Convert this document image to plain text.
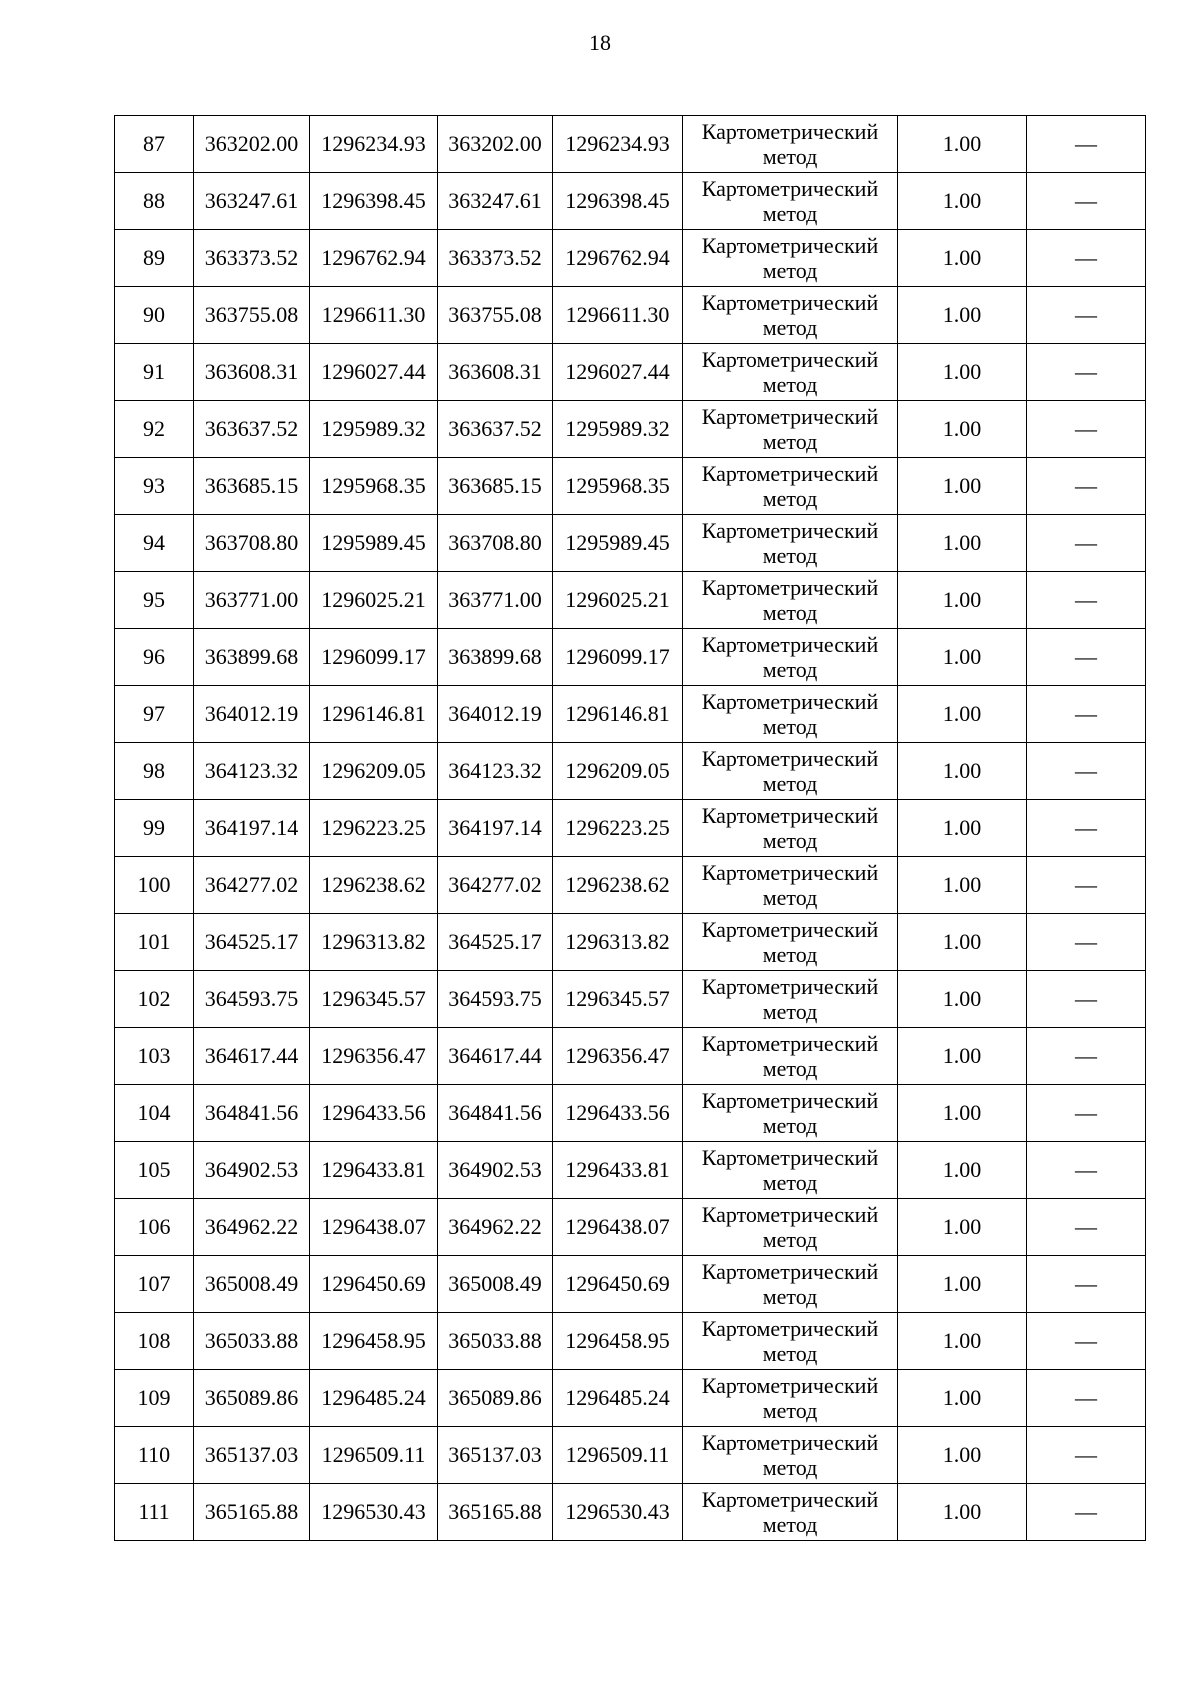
18
87	363202.00	1296234.93	363202.00	1296234.93	Картометрический
метод	1.00	—
88	363247.61	1296398.45	363247.61	1296398.45	Картометрический
метод	1.00	—
89	363373.52	1296762.94	363373.52	1296762.94	Картометрический
метод	1.00	—
90	363755.08	1296611.30	363755.08	1296611.30	Картометрический
метод	1.00	—
91	363608.31	1296027.44	363608.31	1296027.44	Картометрический
метод	1.00	—
92	363637.52	1295989.32	363637.52	1295989.32	Картометрический
метод	1.00	—
93	363685.15	1295968.35	363685.15	1295968.35	Картометрический
метод	1.00	—
94	363708.80	1295989.45	363708.80	1295989.45	Картометрический
метод	1.00	—
95	363771.00	1296025.21	363771.00	1296025.21	Картометрический
метод	1.00	—
96	363899.68	1296099.17	363899.68	1296099.17	Картометрический
метод	1.00	—
97	364012.19	1296146.81	364012.19	1296146.81	Картометрический
метод	1.00	—
98	364123.32	1296209.05	364123.32	1296209.05	Картометрический
метод	1.00	—
99	364197.14	1296223.25	364197.14	1296223.25	Картометрический
метод	1.00	—
100	364277.02	1296238.62	364277.02	1296238.62	Картометрический
метод	1.00	—
101	364525.17	1296313.82	364525.17	1296313.82	Картометрический
метод	1.00	—
102	364593.75	1296345.57	364593.75	1296345.57	Картометрический
метод	1.00	—
103	364617.44	1296356.47	364617.44	1296356.47	Картометрический
метод	1.00	—
104	364841.56	1296433.56	364841.56	1296433.56	Картометрический
метод	1.00	—
105	364902.53	1296433.81	364902.53	1296433.81	Картометрический
метод	1.00	—
106	364962.22	1296438.07	364962.22	1296438.07	Картометрический
метод	1.00	—
107	365008.49	1296450.69	365008.49	1296450.69	Картометрический
метод	1.00	—
108	365033.88	1296458.95	365033.88	1296458.95	Картометрический
метод	1.00	—
109	365089.86	1296485.24	365089.86	1296485.24	Картометрический
метод	1.00	—
110	365137.03	1296509.11	365137.03	1296509.11	Картометрический
метод	1.00	—
111	365165.88	1296530.43	365165.88	1296530.43	Картометрический
метод	1.00	—
